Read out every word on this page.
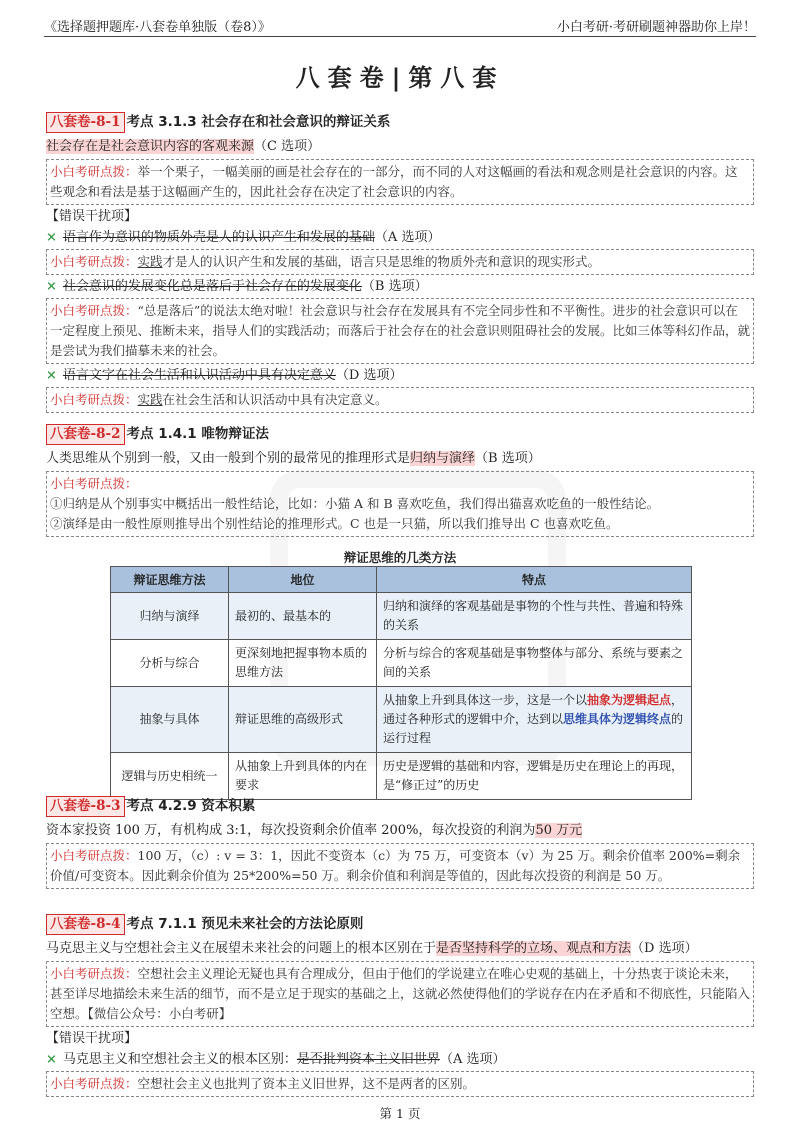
《选择题押题库·八套卷单独版（卷8）》	小白考研·考研刷题神器助你上岸！
八套卷|第八套
八套卷-8-1 考点 3.1.3 社会存在和社会意识的辩证关系
社会存在是社会意识内容的客观来源（C 选项）
小白考研点拨：举一个栗子，一幅美丽的画是社会存在的一部分，而不同的人对这幅画的看法和观念则是社会意识的内容。这些观念和看法是基于这幅画产生的，因此社会存在决定了社会意识的内容。
【错误干扰项】
× 语言作为意识的物质外壳是人的认识产生和发展的基础（A 选项）
小白考研点拨：实践才是人的认识产生和发展的基础，语言只是思维的物质外壳和意识的现实形式。
× 社会意识的发展变化总是落后于社会存在的发展变化（B 选项）
小白考研点拨：“总是落后”的说法太绝对啦！社会意识与社会存在发展具有不完全同步性和不平衡性。进步的社会意识可以在一定程度上预见、推断未来，指导人们的实践活动；而落后于社会存在的社会意识则阻碍社会的发展。比如三体等科幻作品，就是尝试为我们描摹未来的社会。
× 语言文字在社会生活和认识活动中具有决定意义（D 选项）
小白考研点拨：实践在社会生活和认识活动中具有决定意义。
八套卷-8-2 考点 1.4.1 唯物辩证法
人类思维从个别到一般，又由一般到个别的最常见的推理形式是归纳与演绎（B 选项）
小白考研点拨：
①归纳是从个别事实中概括出一般性结论，比如：小猫 A 和 B 喜欢吃鱼，我们得出猫喜欢吃鱼的一般性结论。
②演绎是由一般性原则推导出个别性结论的推理形式。C 也是一只猫，所以我们推导出 C 也喜欢吃鱼。
辩证思维的几类方法
辩证思维方法	地位	特点
归纳与演绎	最初的、最基本的	归纳和演绎的客观基础是事物的个性与共性、普遍和特殊的关系
分析与综合	更深刻地把握事物本质的思维方法	分析与综合的客观基础是事物整体与部分、系统与要素之间的关系
抽象与具体	辩证思维的高级形式	从抽象上升到具体这一步，这是一个以抽象为逻辑起点，通过各种形式的逻辑中介，达到以思维具体为逻辑终点的运行过程
逻辑与历史相统一	从抽象上升到具体的内在要求	历史是逻辑的基础和内容，逻辑是历史在理论上的再现，是“修正过”的历史
八套卷-8-3 考点 4.2.9 资本积累
资本家投资 100 万，有机构成 3:1，每次投资剩余价值率 200%，每次投资的利润为50 万元
小白考研点拨：100 万，（c）: v = 3：1，因此不变资本（c）为 75 万，可变资本（v）为 25 万。剩余价值率 200%=剩余价值/可变资本。因此剩余价值为 25*200%=50 万。剩余价值和利润是等值的，因此每次投资的利润是 50 万。
八套卷-8-4 考点 7.1.1 预见未来社会的方法论原则
马克思主义与空想社会主义在展望未来社会的问题上的根本区别在于是否坚持科学的立场、观点和方法（D 选项）
小白考研点拨：空想社会主义理论无疑也具有合理成分，但由于他们的学说建立在唯心史观的基础上，十分热衷于谈论未来，甚至详尽地描绘未来生活的细节，而不是立足于现实的基础之上，这就必然使得他们的学说存在内在矛盾和不彻底性，只能陷入空想。【微信公众号：小白考研】
【错误干扰项】
× 马克思主义和空想社会主义的根本区别：是否批判资本主义旧世界（A 选项）
小白考研点拨：空想社会主义也批判了资本主义旧世界，这不是两者的区别。
第 1 页
